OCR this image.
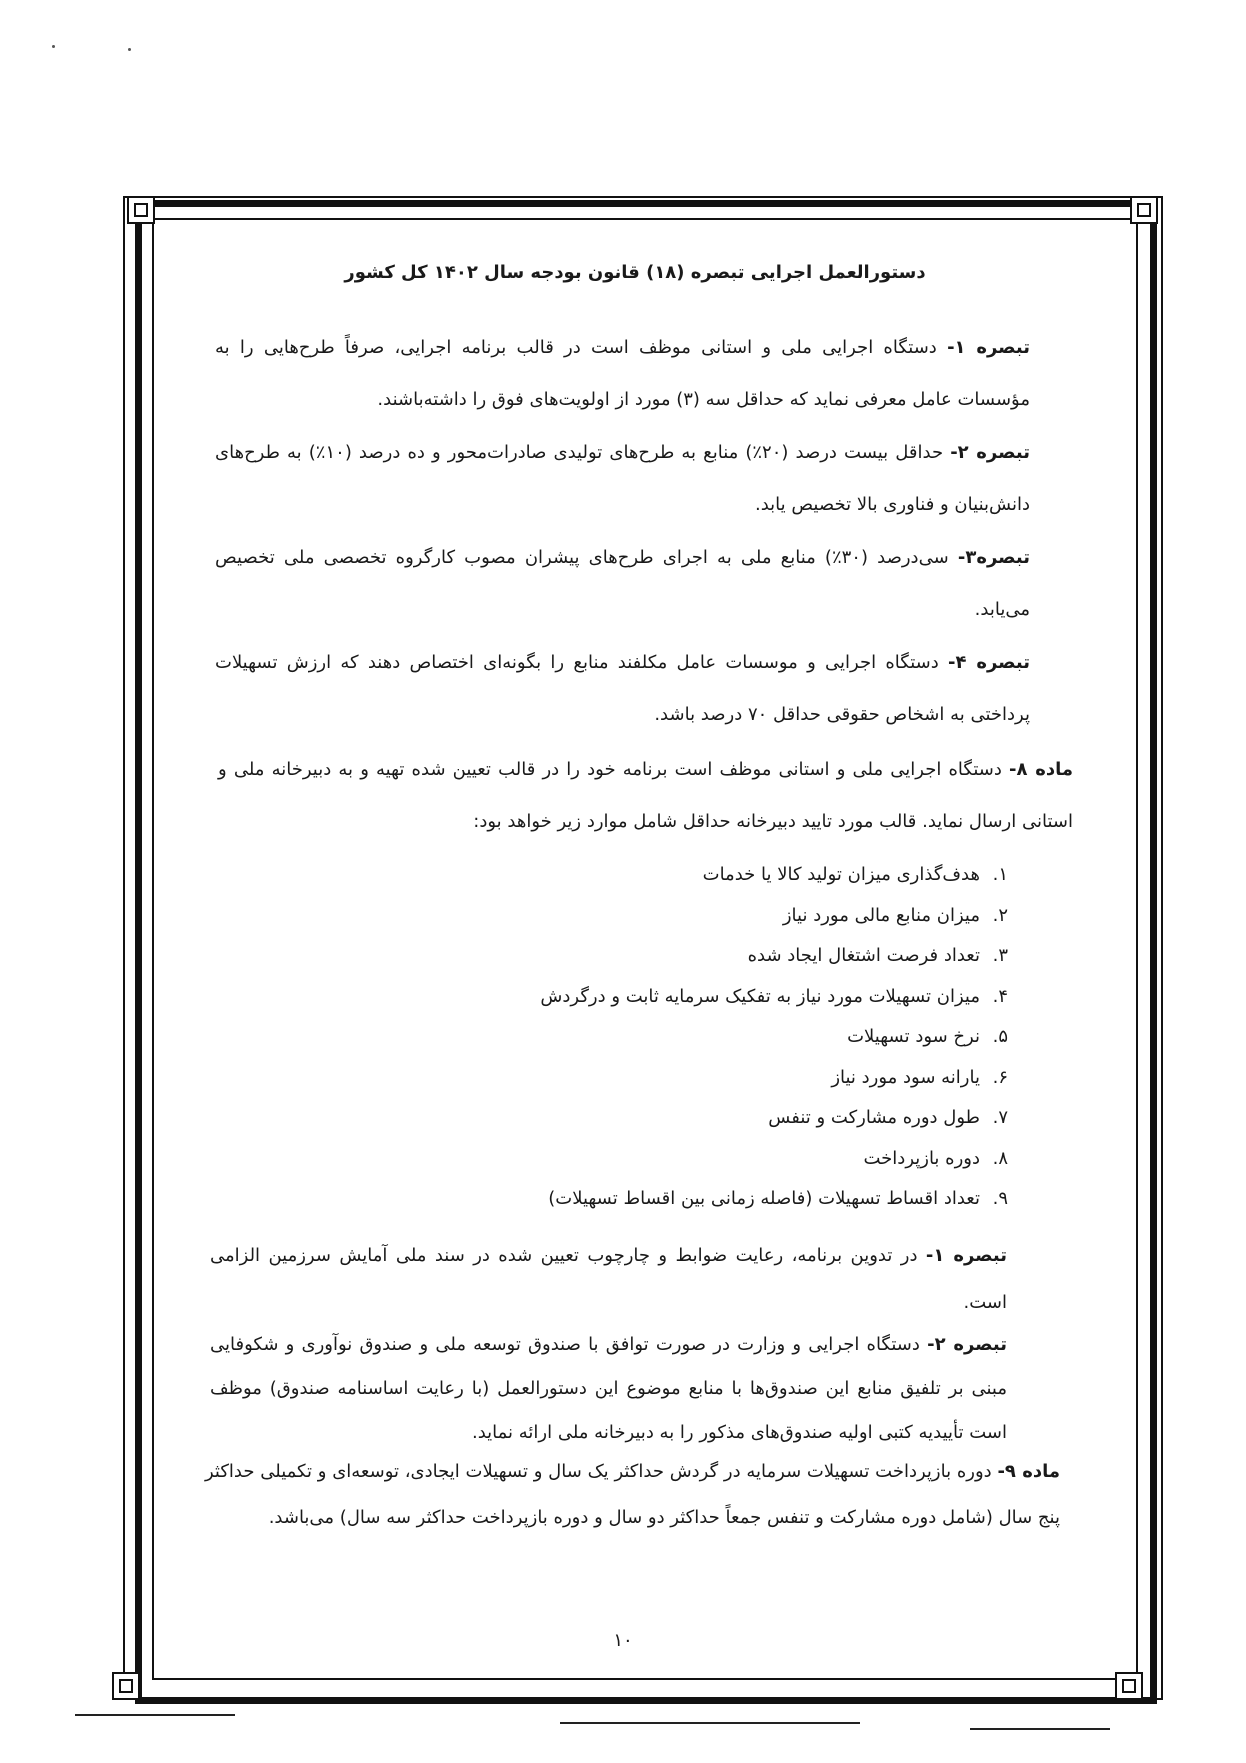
دستورالعمل اجرایی تبصره (۱۸) قانون بودجه سال ۱۴۰۲ کل کشور
تبصره ۱- دستگاه اجرایی ملی و استانی موظف است در قالب برنامه اجرایی، صرفاً طرح‌هایی را به مؤسسات عامل معرفی نماید که حداقل سه (۳) مورد از اولویت‌های فوق را داشته‌باشند.
تبصره ۲- حداقل بیست درصد (۲۰٪) منابع به طرح‌های تولیدی صادرات‌محور و ده درصد (۱۰٪) به طرح‌های دانش‌بنیان و فناوری بالا تخصیص یابد.
تبصره۳- سی‌درصد (۳۰٪) منابع ملی به اجرای طرح‌های پیشران مصوب کارگروه تخصصی ملی تخصیص می‌یابد.
تبصره ۴- دستگاه اجرایی و موسسات عامل مکلفند منابع را بگونه‌ای اختصاص دهند که ارزش تسهیلات پرداختی به اشخاص حقوقی حداقل ۷۰ درصد باشد.
ماده ۸- دستگاه اجرایی ملی و استانی موظف است برنامه خود را در قالب تعیین شده تهیه و به دبیرخانه ملی و استانی ارسال نماید. قالب مورد تایید دبیرخانه حداقل شامل موارد زیر خواهد بود:
۱.هدف‌گذاری میزان تولید کالا یا خدمات
۲.میزان منابع مالی مورد نیاز
۳.تعداد فرصت اشتغال ایجاد شده
۴.میزان تسهیلات مورد نیاز به تفکیک سرمایه ثابت و درگردش
۵.نرخ سود تسهیلات
۶.یارانه سود مورد نیاز
۷.طول دوره مشارکت و تنفس
۸.دوره بازپرداخت
۹.تعداد اقساط تسهیلات (فاصله زمانی بین اقساط تسهیلات)
تبصره ۱- در تدوین برنامه، رعایت ضوابط و چارچوب تعیین شده در سند ملی آمایش سرزمین الزامی است.
تبصره ۲- دستگاه اجرایی و وزارت در صورت توافق با صندوق توسعه ملی و صندوق نوآوری و شکوفایی مبنی بر تلفیق منابع این صندوق‌ها با منابع موضوع این دستورالعمل (با رعایت اساسنامه صندوق) موظف است تأییدیه کتبی اولیه صندوق‌های مذکور را به دبیرخانه ملی ارائه نماید.
ماده ۹- دوره بازپرداخت تسهیلات سرمایه در گردش حداکثر یک سال و تسهیلات ایجادی، توسعه‌ای و تکمیلی حداکثر پنج سال (شامل دوره مشارکت و تنفس جمعاً حداکثر دو سال و دوره بازپرداخت حداکثر سه سال) می‌باشد.
۱۰
